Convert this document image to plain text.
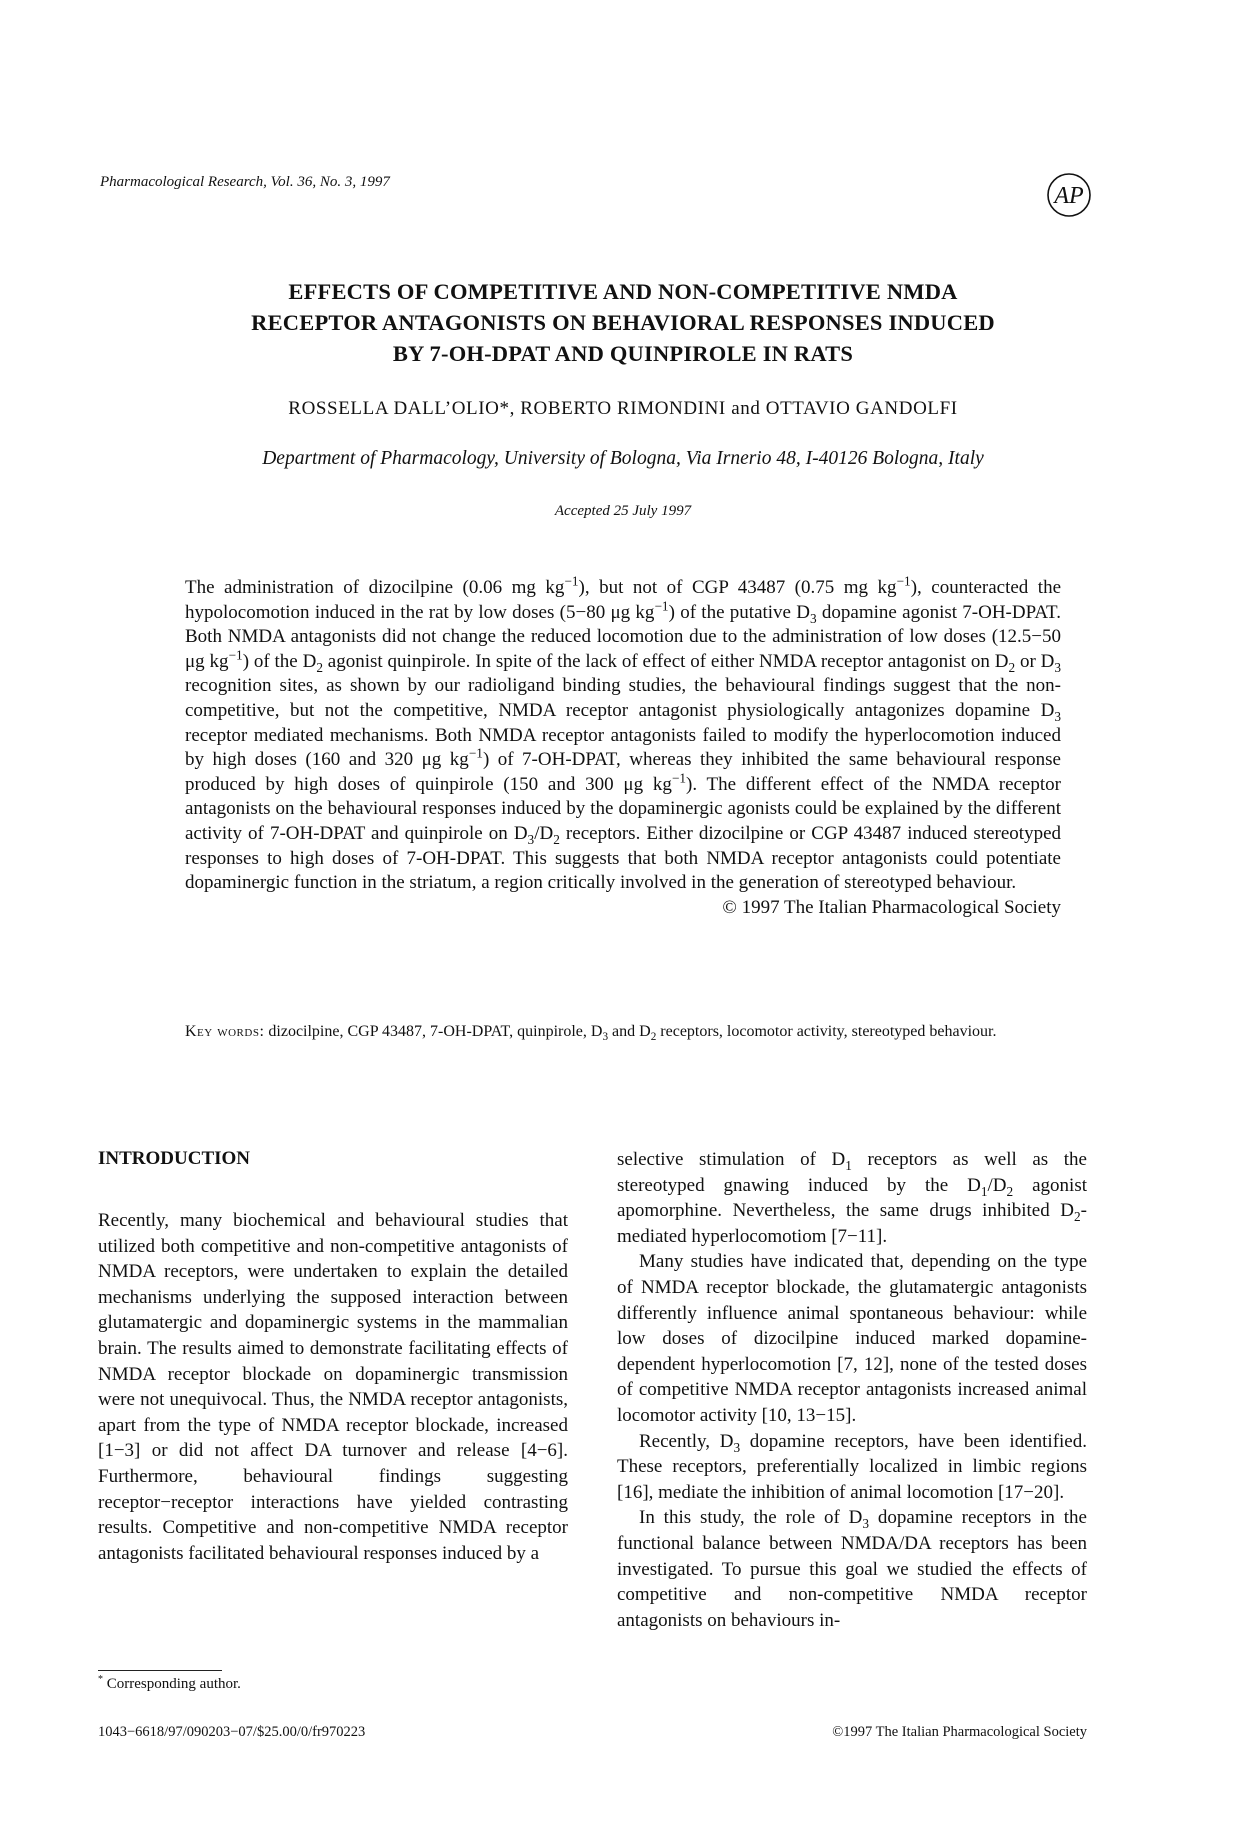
Pharmacological Research, Vol. 36, No. 3, 1997
AP
EFFECTS OF COMPETITIVE AND NON-COMPETITIVE NMDA
RECEPTOR ANTAGONISTS ON BEHAVIORAL RESPONSES INDUCED
BY 7-OH-DPAT AND QUINPIROLE IN RATS
ROSSELLA DALL’OLIO*, ROBERTO RIMONDINI and OTTAVIO GANDOLFI
Department of Pharmacology, University of Bologna, Via Irnerio 48, I-40126 Bologna, Italy
Accepted 25 July 1997
The administration of dizocilpine (0.06 mg $kg^{-1}$), but not of CGP 43487 (0.75 mg $kg^{-1}$), counteracted the hypolocomotion induced in the rat by low doses (5−80 μg $kg^{-1}$) of the putative $D_3$ dopamine agonist 7-OH-DPAT. Both NMDA antagonists did not change the reduced locomotion due to the administration of low doses (12.5−50 μg $kg^{-1}$) of the $D_2$ agonist quinpirole. In spite of the lack of effect of either NMDA receptor antagonist on $D_2$ or $D_3$ recognition sites, as shown by our radioligand binding studies, the behavioural findings suggest that the non-competitive, but not the competitive, NMDA receptor antagonist physiologically antagonizes dopamine $D_3$ receptor mediated mechanisms. Both NMDA receptor antagonists failed to modify the hyperlocomotion induced by high doses (160 and 320 μg $kg^{-1}$) of 7-OH-DPAT, whereas they inhibited the same behavioural response produced by high doses of quinpirole (150 and 300 μg $kg^{-1}$). The different effect of the NMDA receptor antagonists on the behavioural responses induced by the dopaminergic agonists could be explained by the different activity of 7-OH-DPAT and quinpirole on $D_3/D_2$ receptors. Either dizocilpine or CGP 43487 induced stereotyped responses to high doses of 7-OH-DPAT. This suggests that both NMDA receptor antagonists could potentiate dopaminergic function in the striatum, a region critically involved in the generation of stereotyped behaviour.
© 1997 The Italian Pharmacological Society
Key words: dizocilpine, CGP 43487, 7-OH-DPAT, quinpirole, $D_3$ and $D_2$ receptors, locomotor activity, stereotyped behaviour.
INTRODUCTION

Recently, many biochemical and behavioural studies that utilized both competitive and non-competitive antagonists of NMDA receptors, were undertaken to explain the detailed mechanisms underlying the supposed interaction between glutamatergic and dopaminergic systems in the mammalian brain. The results aimed to demonstrate facilitating effects of NMDA receptor blockade on dopaminergic transmission were not unequivocal. Thus, the NMDA receptor antagonists, apart from the type of NMDA receptor blockade, increased [1−3] or did not affect DA turnover and release [4−6]. Furthermore, behavioural findings suggesting receptor−receptor interactions have yielded contrasting results. Competitive and non-competitive NMDA receptor antagonists facilitated behavioural responses induced by a

selective stimulation of $D_1$ receptors as well as the stereotyped gnawing induced by the $D_1/D_2$ agonist apomorphine. Nevertheless, the same drugs inhibited $D_2$-mediated hyperlocomotiom [7−11].

Many studies have indicated that, depending on the type of NMDA receptor blockade, the glutamatergic antagonists differently influence animal spontaneous behaviour: while low doses of dizocilpine induced marked dopamine-dependent hyperlocomotion [7, 12], none of the tested doses of competitive NMDA receptor antagonists increased animal locomotor activity [10, 13−15].

Recently, $D_3$ dopamine receptors, have been identified. These receptors, preferentially localized in limbic regions [16], mediate the inhibition of animal locomotion [17−20].

In this study, the role of $D_3$ dopamine receptors in the functional balance between NMDA/DA receptors has been investigated. To pursue this goal we studied the effects of competitive and non-competitive NMDA receptor antagonists on behaviours in-

* Corresponding author.
1043−6618/97/090203−07/$25.00/0/fr970223	©1997 The Italian Pharmacological Society
